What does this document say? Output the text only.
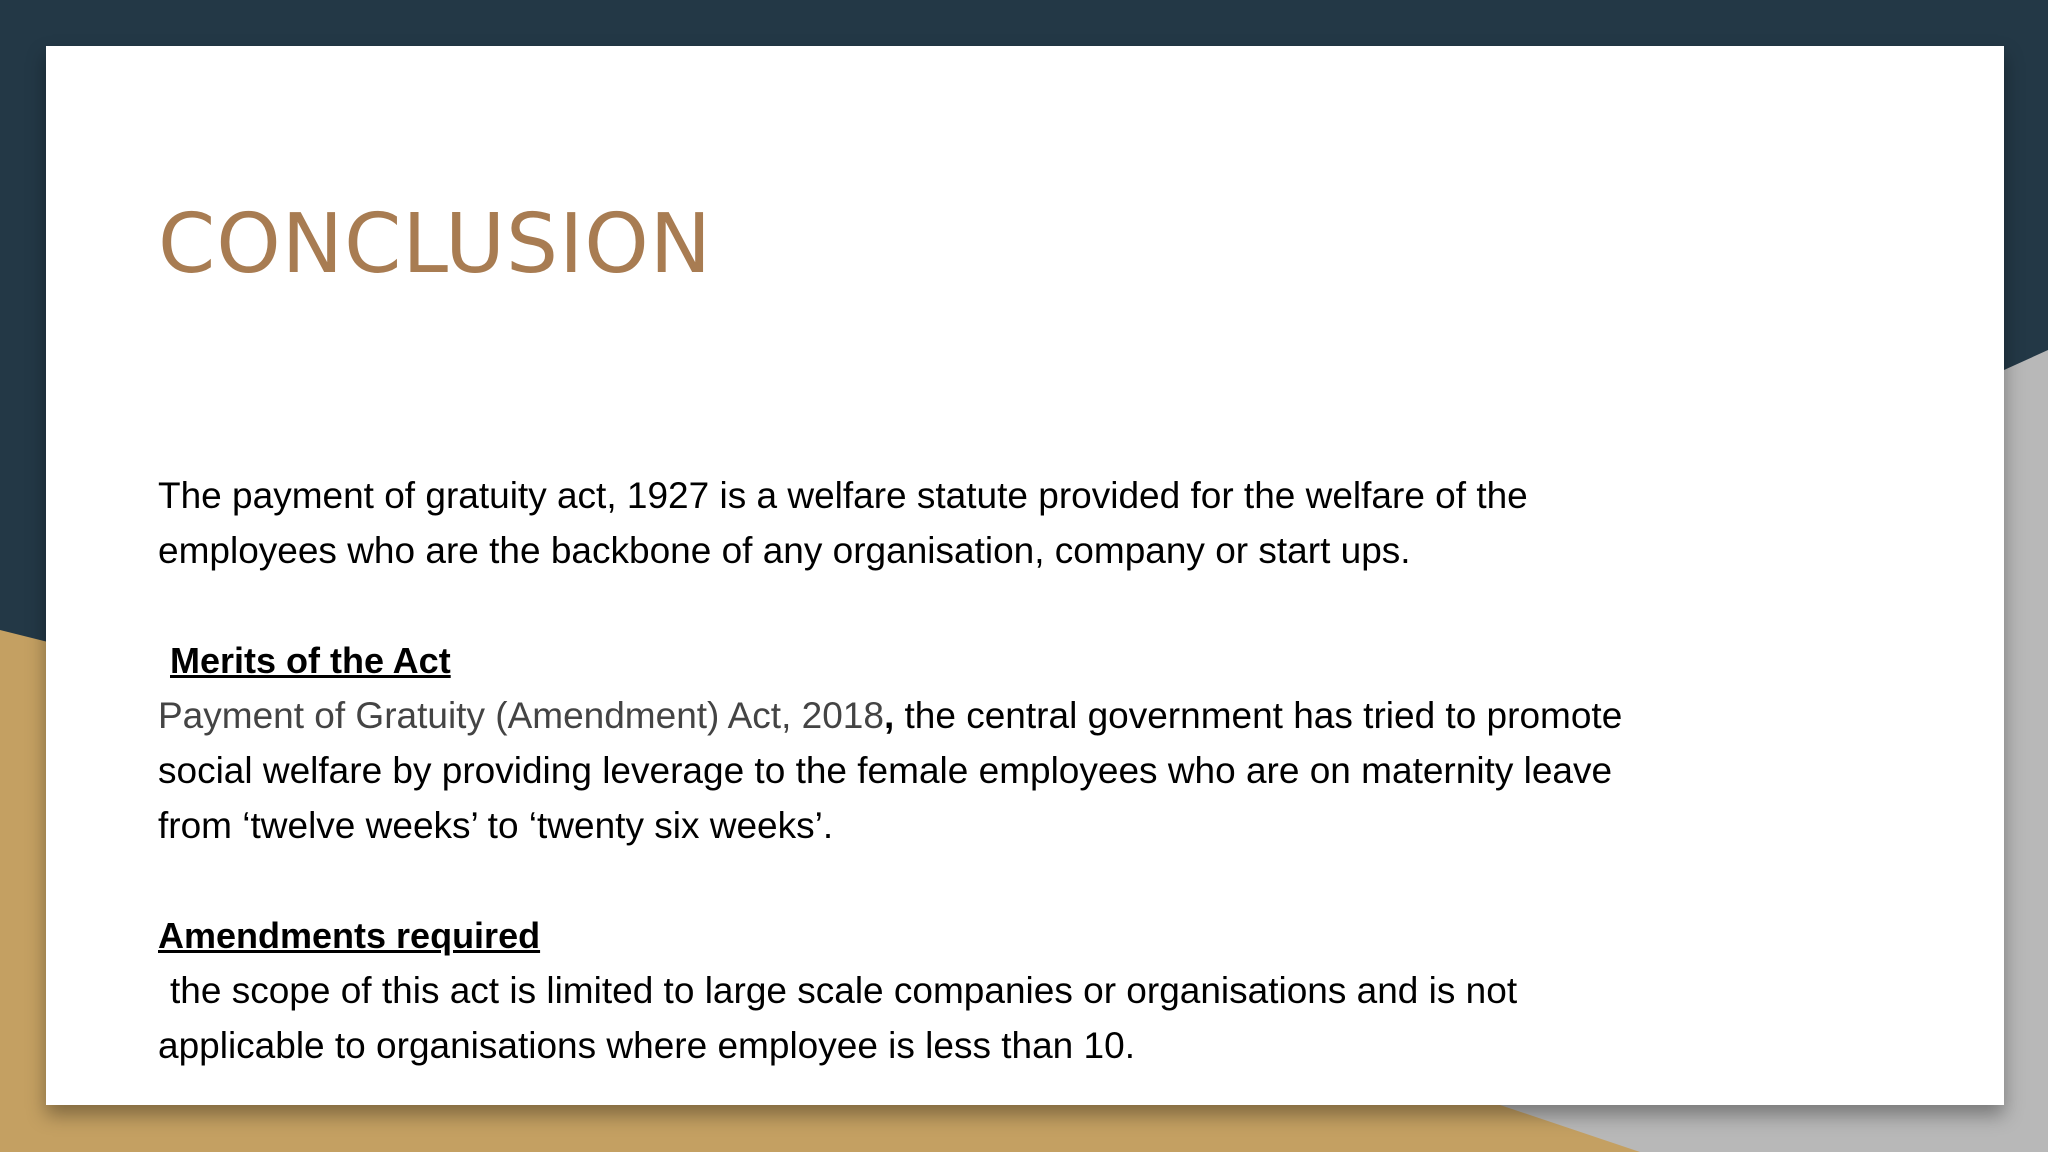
CONCLUSION

The payment of gratuity act, 1927 is a welfare statute provided for the welfare of the

employees who are the backbone of any organisation, company or start ups.

Merits of the Act

Payment of Gratuity (Amendment) Act, 2018, the central government has tried to promote

social welfare by providing leverage to the female employees who are on maternity leave

from ‘twelve weeks’ to ‘twenty six weeks’.

Amendments required

the scope of this act is limited to large scale companies or organisations and is not

applicable to organisations where employee is less than 10.
